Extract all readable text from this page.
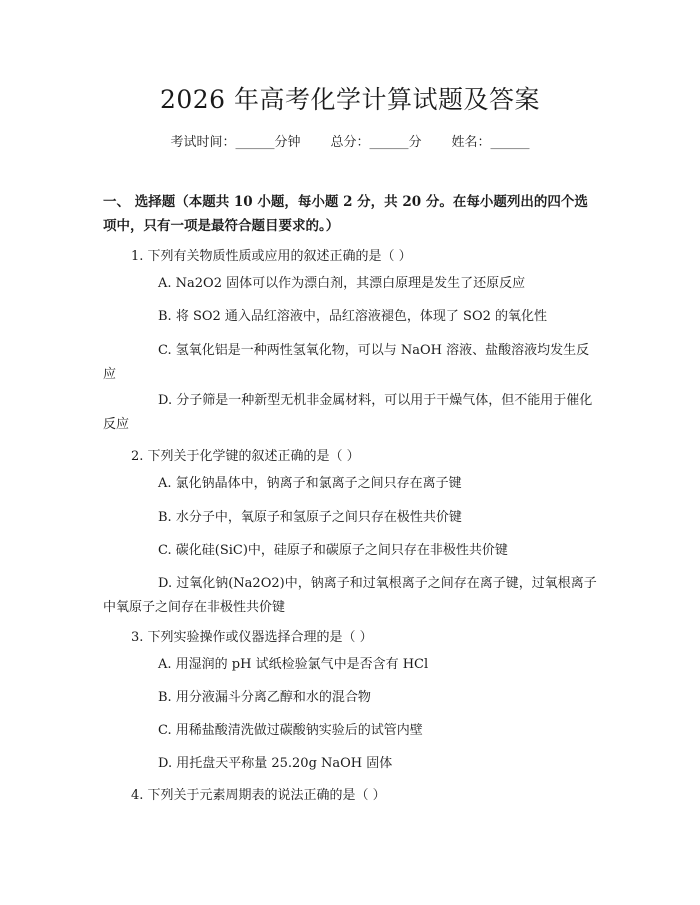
2026 年高考化学计算试题及答案
考试时间：______分钟 总分：______分 姓名：______
一、 选择题（本题共 10 小题，每小题 2 分，共 20 分。在每小题列出的四个选项中，只有一项是最符合题目要求的。）
1. 下列有关物质性质或应用的叙述正确的是（ ）
A. Na2O2 固体可以作为漂白剂，其漂白原理是发生了还原反应
B. 将 SO2 通入品红溶液中，品红溶液褪色，体现了 SO2 的氧化性
C. 氢氧化铝是一种两性氢氧化物，可以与 NaOH 溶液、盐酸溶液均发生反应
D. 分子筛是一种新型无机非金属材料，可以用于干燥气体，但不能用于催化反应
2. 下列关于化学键的叙述正确的是（ ）
A. 氯化钠晶体中，钠离子和氯离子之间只存在离子键
B. 水分子中，氧原子和氢原子之间只存在极性共价键
C. 碳化硅(SiC)中，硅原子和碳原子之间只存在非极性共价键
D. 过氧化钠(Na2O2)中，钠离子和过氧根离子之间存在离子键，过氧根离子中氧原子之间存在非极性共价键
3. 下列实验操作或仪器选择合理的是（ ）
A. 用湿润的 pH 试纸检验氯气中是否含有 HCl
B. 用分液漏斗分离乙醇和水的混合物
C. 用稀盐酸清洗做过碳酸钠实验后的试管内壁
D. 用托盘天平称量 25.20g NaOH 固体
4. 下列关于元素周期表的说法正确的是（ ）
